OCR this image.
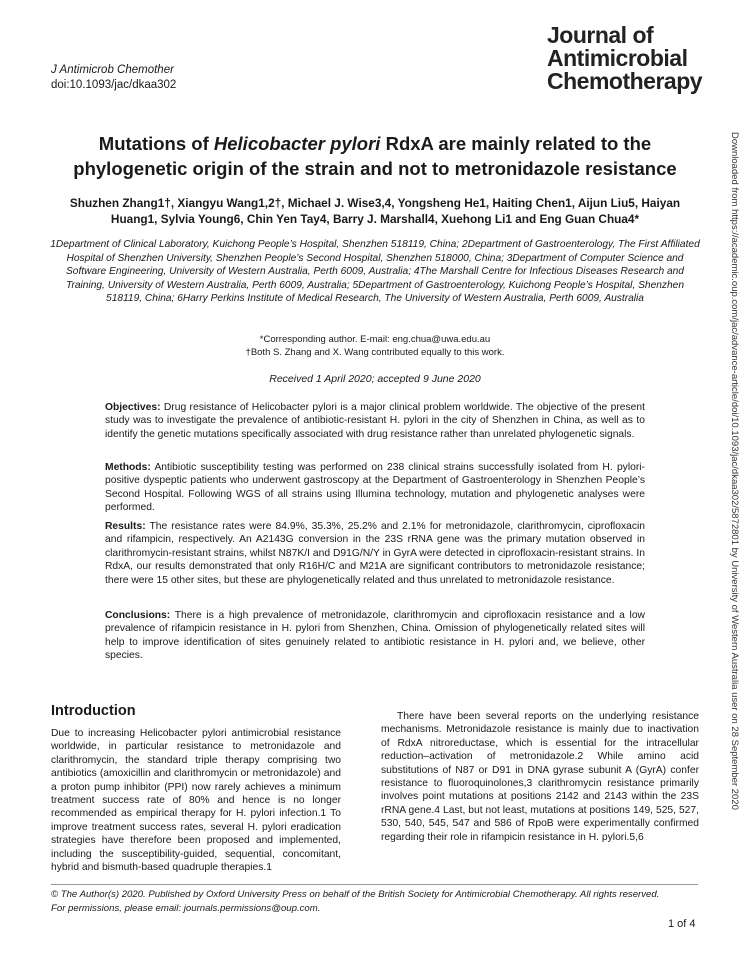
J Antimicrob Chemother
doi:10.1093/jac/dkaa302
Journal of
Antimicrobial
Chemotherapy
Mutations of Helicobacter pylori RdxA are mainly related to the phylogenetic origin of the strain and not to metronidazole resistance
Shuzhen Zhang1†, Xiangyu Wang1,2†, Michael J. Wise3,4, Yongsheng He1, Haiting Chen1, Aijun Liu5, Haiyan Huang1, Sylvia Young6, Chin Yen Tay4, Barry J. Marshall4, Xuehong Li1 and Eng Guan Chua4*
1Department of Clinical Laboratory, Kuichong People’s Hospital, Shenzhen 518119, China; 2Department of Gastroenterology, The First Affiliated Hospital of Shenzhen University, Shenzhen People’s Second Hospital, Shenzhen 518000, China; 3Department of Computer Science and Software Engineering, University of Western Australia, Perth 6009, Australia; 4The Marshall Centre for Infectious Diseases Research and Training, University of Western Australia, Perth 6009, Australia; 5Department of Gastroenterology, Kuichong People’s Hospital, Shenzhen 518119, China; 6Harry Perkins Institute of Medical Research, The University of Western Australia, Perth 6009, Australia
*Corresponding author. E-mail: eng.chua@uwa.edu.au
†Both S. Zhang and X. Wang contributed equally to this work.
Received 1 April 2020; accepted 9 June 2020
Objectives: Drug resistance of Helicobacter pylori is a major clinical problem worldwide. The objective of the present study was to investigate the prevalence of antibiotic-resistant H. pylori in the city of Shenzhen in China, as well as to identify the genetic mutations specifically associated with drug resistance rather than unrelated phylogenetic signals.
Methods: Antibiotic susceptibility testing was performed on 238 clinical strains successfully isolated from H. pylori-positive dyspeptic patients who underwent gastroscopy at the Department of Gastroenterology in Shenzhen People’s Second Hospital. Following WGS of all strains using Illumina technology, mutation and phylogenetic analyses were performed.
Results: The resistance rates were 84.9%, 35.3%, 25.2% and 2.1% for metronidazole, clarithromycin, ciprofloxacin and rifampicin, respectively. An A2143G conversion in the 23S rRNA gene was the primary mutation observed in clarithromycin-resistant strains, whilst N87K/I and D91G/N/Y in GyrA were detected in ciprofloxacin-resistant strains. In RdxA, our results demonstrated that only R16H/C and M21A are significant contributors to metronidazole resistance; there were 15 other sites, but these are phylogenetically related and thus unrelated to metronidazole resistance.
Conclusions: There is a high prevalence of metronidazole, clarithromycin and ciprofloxacin resistance and a low prevalence of rifampicin resistance in H. pylori from Shenzhen, China. Omission of phylogenetically related sites will help to improve identification of sites genuinely related to antibiotic resistance in H. pylori and, we believe, other species.
Introduction
Due to increasing Helicobacter pylori antimicrobial resistance worldwide, in particular resistance to metronidazole and clarithromycin, the standard triple therapy comprising two antibiotics (amoxicillin and clarithromycin or metronidazole) and a proton pump inhibitor (PPI) now rarely achieves a minimum treatment success rate of 80% and hence is no longer recommended as empirical therapy for H. pylori infection.1 To improve treatment success rates, several H. pylori eradication strategies have therefore been proposed and implemented, including the susceptibility-guided, sequential, concomitant, hybrid and bismuth-based quadruple therapies.1
There have been several reports on the underlying resistance mechanisms. Metronidazole resistance is mainly due to inactivation of RdxA nitroreductase, which is essential for the intracellular reduction–activation of metronidazole.2 While amino acid substitutions of N87 or D91 in DNA gyrase subunit A (GyrA) confer resistance to fluoroquinolones,3 clarithromycin resistance primarily involves point mutations at positions 2142 and 2143 within the 23S rRNA gene.4 Last, but not least, mutations at positions 149, 525, 527, 530, 540, 545, 547 and 586 of RpoB were experimentally confirmed regarding their role in rifampicin resistance in H. pylori.5,6
Downloaded from https://academic.oup.com/jac/advance-article/doi/10.1093/jac/dkaa302/5872801 by University of Western Australia user on 28 September 2020
© The Author(s) 2020. Published by Oxford University Press on behalf of the British Society for Antimicrobial Chemotherapy. All rights reserved.
For permissions, please email: journals.permissions@oup.com.
1 of 4
